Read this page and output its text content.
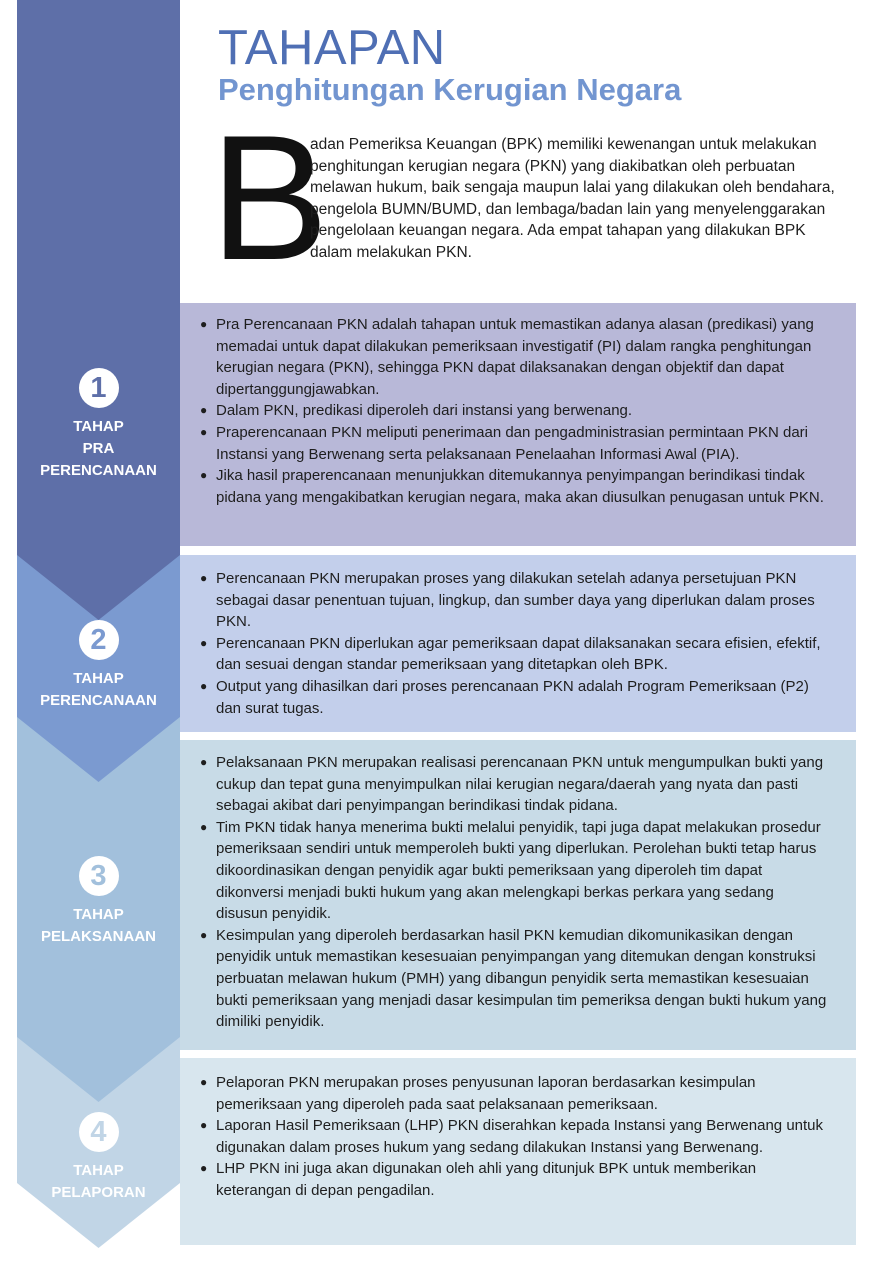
TAHAPAN
Penghitungan Kerugian Negara
B
adan Pemeriksa Keuangan (BPK) memiliki kewenangan untuk melakukan penghitungan kerugian negara (PKN) yang diakibatkan oleh perbuatan melawan hukum, baik sengaja maupun lalai yang dilakukan oleh bendahara, pengelola BUMN/BUMD, dan lembaga/badan lain yang menyelenggarakan pengelolaan keuangan negara. Ada empat tahapan yang dilakukan BPK dalam melakukan PKN.
1
TAHAP
PRA
PERENCANAAN
2
TAHAP
PERENCANAAN
3
TAHAP
PELAKSANAAN
4
TAHAP
PELAPORAN
● Pra Perencanaan PKN adalah tahapan untuk memastikan adanya alasan (predikasi) yang memadai untuk dapat dilakukan pemeriksaan investigatif (PI) dalam rangka penghitungan kerugian negara (PKN), sehingga PKN dapat dilaksanakan dengan objektif dan dapat dipertanggungjawabkan.
● Dalam PKN, predikasi diperoleh dari instansi yang berwenang.
● Praperencanaan PKN meliputi penerimaan dan pengadministrasian permintaan PKN dari Instansi yang Berwenang serta pelaksanaan Penelaahan Informasi Awal (PIA).
● Jika hasil praperencanaan menunjukkan ditemukannya penyimpangan berindikasi tindak pidana yang mengakibatkan kerugian negara, maka akan diusulkan penugasan untuk PKN.
● Perencanaan PKN merupakan proses yang dilakukan setelah adanya persetujuan PKN sebagai dasar penentuan tujuan, lingkup, dan sumber daya yang diperlukan dalam proses PKN.
● Perencanaan PKN diperlukan agar pemeriksaan dapat dilaksanakan secara efisien, efektif, dan sesuai dengan standar pemeriksaan yang ditetapkan oleh BPK.
● Output yang dihasilkan dari proses perencanaan PKN adalah Program Pemeriksaan (P2) dan surat tugas.
● Pelaksanaan PKN merupakan realisasi perencanaan PKN untuk mengumpulkan bukti yang cukup dan tepat guna menyimpulkan nilai kerugian negara/daerah yang nyata dan pasti sebagai akibat dari penyimpangan berindikasi tindak pidana.
● Tim PKN tidak hanya menerima bukti melalui penyidik, tapi juga dapat melakukan prosedur pemeriksaan sendiri untuk memperoleh bukti yang diperlukan. Perolehan bukti tetap harus dikoordinasikan dengan penyidik agar bukti pemeriksaan yang diperoleh tim dapat dikonversi menjadi bukti hukum yang akan melengkapi berkas perkara yang sedang disusun penyidik.
● Kesimpulan yang diperoleh berdasarkan hasil PKN kemudian dikomunikasikan dengan penyidik untuk memastikan kesesuaian penyimpangan yang ditemukan dengan konstruksi perbuatan melawan hukum (PMH) yang dibangun penyidik serta memastikan kesesuaian bukti pemeriksaan yang menjadi dasar kesimpulan tim pemeriksa dengan bukti hukum yang dimiliki penyidik.
● Pelaporan PKN merupakan proses penyusunan laporan berdasarkan kesimpulan pemeriksaan yang diperoleh pada saat pelaksanaan pemeriksaan.
● Laporan Hasil Pemeriksaan (LHP) PKN diserahkan kepada Instansi yang Berwenang untuk digunakan dalam proses hukum yang sedang dilakukan Instansi yang Berwenang.
● LHP PKN ini juga akan digunakan oleh ahli yang ditunjuk BPK untuk memberikan keterangan di depan pengadilan.
